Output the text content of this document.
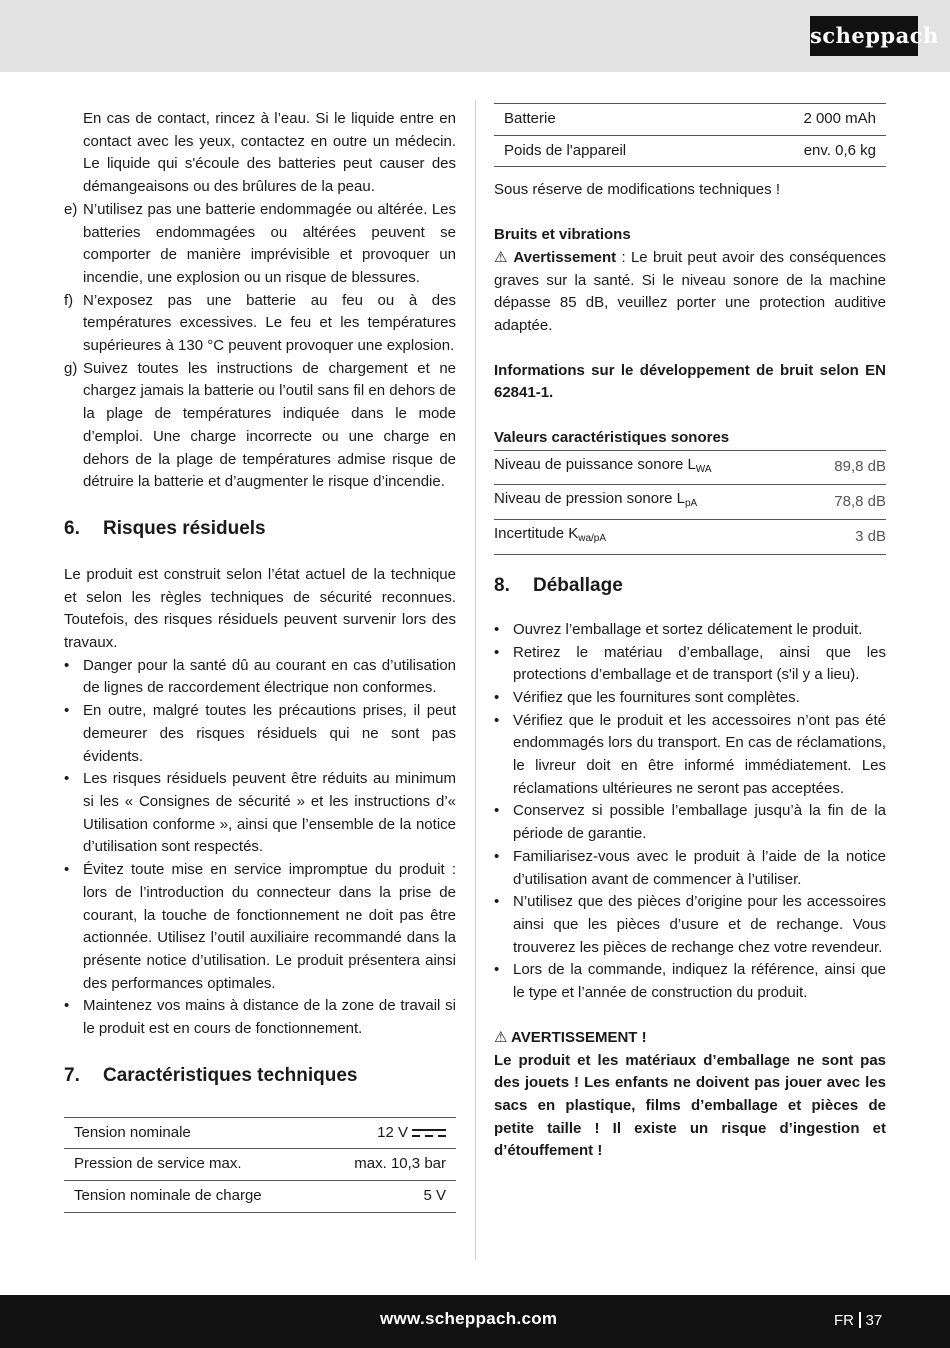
scheppach

En cas de contact, rincez à l’eau. Si le liquide entre en contact avec les yeux, contactez en outre un médecin. Le liquide qui s'écoule des batteries peut causer des démangeaisons ou des brûlures de la peau.

e) N’utilisez pas une batterie endommagée ou altérée. Les batteries endommagées ou altérées peuvent se comporter de manière imprévisible et provoquer un incendie, une explosion ou un risque de blessures.
f) N’exposez pas une batterie au feu ou à des températures excessives. Le feu et les températures supérieures à 130 °C peuvent provoquer une explosion.
g) Suivez toutes les instructions de chargement et ne chargez jamais la batterie ou l’outil sans fil en dehors de la plage de températures indiquée dans le mode d’emploi. Une charge incorrecte ou une charge en dehors de la plage de températures admise risque de détruire la batterie et d’augmenter le risque d’incendie.
6.	Risques résiduels

Le produit est construit selon l’état actuel de la technique et selon les règles techniques de sécurité reconnues. Toutefois, des risques résiduels peuvent survenir lors des travaux.

• Danger pour la santé dû au courant en cas d’utilisation de lignes de raccordement électrique non conformes.
• En outre, malgré toutes les précautions prises, il peut demeurer des risques résiduels qui ne sont pas évidents.
• Les risques résiduels peuvent être réduits au minimum si les « Consignes de sécurité » et les instructions d’« Utilisation conforme », ainsi que l’ensemble de la notice d’utilisation sont respectés.
• Évitez toute mise en service impromptue du produit : lors de l’introduction du connecteur dans la prise de courant, la touche de fonctionnement ne doit pas être actionnée. Utilisez l’outil auxiliaire recommandé dans la présente notice d’utilisation. Le produit présentera ainsi des performances optimales.
• Maintenez vos mains à distance de la zone de travail si le produit est en cours de fonctionnement.
7.	Caractéristiques techniques
Tension nominale	12 V
Pression de service max.	max. 10,3 bar
Tension nominale de charge	5 V
Batterie	2 000 mAh
Poids de l'appareil	env. 0,6 kg

Sous réserve de modifications techniques !

Bruits et vibrations

⚠ Avertissement : Le bruit peut avoir des conséquences graves sur la santé. Si le niveau sonore de la machine dépasse 85 dB, veuillez porter une protection auditive adaptée.

Informations sur le développement de bruit selon EN 62841-1.

Valeurs caractéristiques sonores

Niveau de puissance sonore $L_{WA}$	89,8 dB
Niveau de pression sonore $L_{pA}$	78,8 dB
Incertitude $K_{wa/pA}$	3 dB
8.	Déballage
• Ouvrez l’emballage et sortez délicatement le produit.
• Retirez le matériau d’emballage, ainsi que les protections d’emballage et de transport (s'il y a lieu).
• Vérifiez que les fournitures sont complètes.
• Vérifiez que le produit et les accessoires n’ont pas été endommagés lors du transport. En cas de réclamations, le livreur doit en être informé immédiatement. Les réclamations ultérieures ne seront pas acceptées.
• Conservez si possible l’emballage jusqu’à la fin de la période de garantie.
• Familiarisez-vous avec le produit à l’aide de la notice d’utilisation avant de commencer à l’utiliser.
• N’utilisez que des pièces d’origine pour les accessoires ainsi que les pièces d’usure et de rechange. Vous trouverez les pièces de rechange chez votre revendeur.
• Lors de la commande, indiquez la référence, ainsi que le type et l’année de construction du produit.

⚠ AVERTISSEMENT !

Le produit et les matériaux d’emballage ne sont pas des jouets ! Les enfants ne doivent pas jouer avec les sacs en plastique, films d’emballage et pièces de petite taille ! Il existe un risque d’ingestion et d’étouffement !

www.scheppach.com	FR 37
